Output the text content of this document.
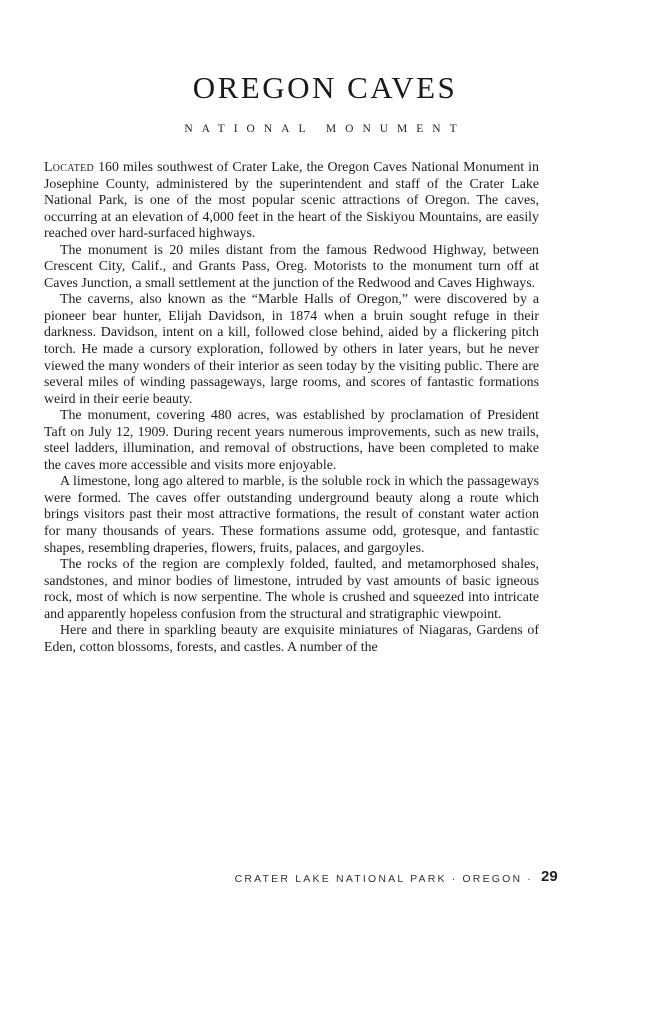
OREGON CAVES
NATIONAL MONUMENT

Located 160 miles southwest of Crater Lake, the Oregon Caves National Monument in Josephine County, administered by the superintendent and staff of the Crater Lake National Park, is one of the most popular scenic attractions of Oregon. The caves, occurring at an elevation of 4,000 feet in the heart of the Siskiyou Mountains, are easily reached over hard-surfaced highways.

The monument is 20 miles distant from the famous Redwood Highway, between Crescent City, Calif., and Grants Pass, Oreg. Motorists to the monument turn off at Caves Junction, a small settlement at the junction of the Redwood and Caves Highways.

The caverns, also known as the “Marble Halls of Oregon,” were discovered by a pioneer bear hunter, Elijah Davidson, in 1874 when a bruin sought refuge in their darkness. Davidson, intent on a kill, followed close behind, aided by a flickering pitch torch. He made a cursory exploration, followed by others in later years, but he never viewed the many wonders of their interior as seen today by the visiting public. There are several miles of winding passageways, large rooms, and scores of fantastic formations weird in their eerie beauty.

The monument, covering 480 acres, was established by proclamation of President Taft on July 12, 1909. During recent years numerous improvements, such as new trails, steel ladders, illumination, and removal of obstructions, have been completed to make the caves more accessible and visits more enjoyable.

A limestone, long ago altered to marble, is the soluble rock in which the passageways were formed. The caves offer outstanding underground beauty along a route which brings visitors past their most attractive formations, the result of constant water action for many thousands of years. These formations assume odd, grotesque, and fantastic shapes, resembling draperies, flowers, fruits, palaces, and gargoyles.

The rocks of the region are complexly folded, faulted, and metamorphosed shales, sandstones, and minor bodies of limestone, intruded by vast amounts of basic igneous rock, most of which is now serpentine. The whole is crushed and squeezed into intricate and apparently hopeless confusion from the structural and stratigraphic viewpoint.

Here and there in sparkling beauty are exquisite miniatures of Niagaras, Gardens of Eden, cotton blossoms, forests, and castles. A number of the

CRATER LAKE NATIONAL PARK · OREGON · 29
